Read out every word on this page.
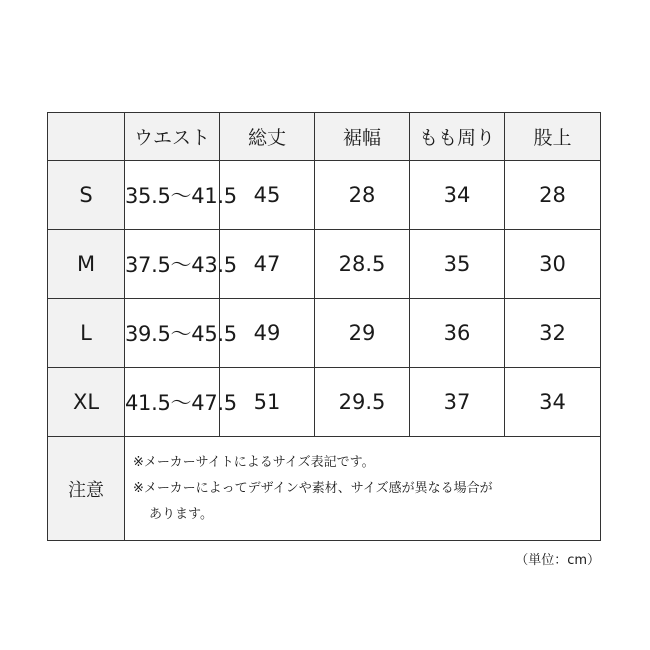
	ウエスト	総丈	裾幅	もも周り	股上
S	35.5〜41.5	45	28	34	28
M	37.5〜43.5	47	28.5	35	30
L	39.5〜45.5	49	29	36	32
XL	41.5〜47.5	51	29.5	37	34
注意	※メーカーサイトによるサイズ表記です。
※メーカーによってデザインや素材、サイズ感が異なる場合が
あります。				
（単位：cm）
